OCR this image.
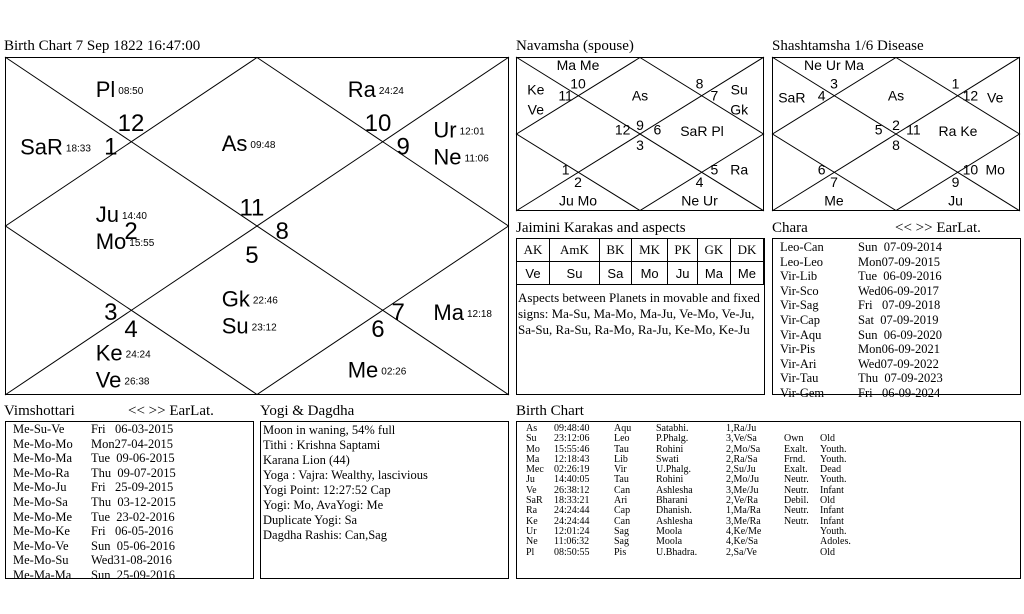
Birth Chart 7 Sep 1822 16:47:00
11
As 09:48
12
Pl 08:50
1
SaR 18:33
2
Ju 14:40
Mo 15:55
3
Ke 24:24
Ve 26:38
4
5
Gk 22:46
Su 23:12	6
Me 02:26
7 Ma 12:18
8
9
Ur 12:01
Ne 11:06
10
Ra 24:24
Navamsha (spouse)
9
As
10
Ma Me
11
Ke
Ve
12
1
2
Ju Mo
3
4
Ne Ur
5 Ra
6 SaR Pl
7 Su
Gk
8
Shashtamsha 1/6 Disease
2
As
3
Ne Ur Ma
4
SaR
5
6
7
Me
8
9
Ju
10 Mo
11 Ra Ke
12 Ve
1
Jaimini Karakas and aspects
AK	AmK	BK	MK	PK	GK	DK
Ve	Su	Sa	Mo	Ju	Ma	Me
Aspects between Planets in movable and fixed signs: Ma-Su, Ma-Mo, Ma-Ju, Ve-Mo, Ve-Ju, Sa-Su, Ra-Su, Ra-Mo, Ra-Ju, Ke-Mo, Ke-Ju
Chara	<< >> EarLat.
Leo-Can	Sun  07-09-2014
Leo-Leo	Mon07-09-2015
Vir-Lib	Tue  06-09-2016
Vir-Sco	Wed06-09-2017
Vir-Sag	Fri   07-09-2018
Vir-Cap	Sat  07-09-2019
Vir-Aqu	Sun  06-09-2020
Vir-Pis	Mon06-09-2021
Vir-Ari	Wed07-09-2022
Vir-Tau	Thu  07-09-2023
Vir-Gem	Fri   06-09-2024
Vimshottari	<< >> EarLat.
Me-Su-Ve Fri   06-03-2015
Me-Mo-Mo Mon27-04-2015
Me-Mo-Ma Tue  09-06-2015
Me-Mo-Ra Thu  09-07-2015
Me-Mo-Ju Fri   25-09-2015
Me-Mo-Sa Thu  03-12-2015
Me-Mo-Me Tue  23-02-2016
Me-Mo-Ke Fri   06-05-2016
Me-Mo-Ve Sun  05-06-2016
Me-Mo-Su Wed31-08-2016
Me-Ma-Ma Sun  25-09-2016
Yogi & Dagdha
Moon in waning, 54% full
Tithi : Krishna Saptami
Karana Lion (44)
Yoga : Vajra: Wealthy, lascivious
Yogi Point: 12:27:52 Cap
Yogi: Mo, AvaYogi: Me
Duplicate Yogi: Sa
Dagdha Rashis: Can,Sag
Birth Chart
As 09:48:40 Aqu Satabhi.	1,Ra/Ju
Su 23:12:06 Leo	P.Phalg.	3,Ve/Sa	Own Old
Mo 15:55:46 Tau	Rohini	2,Mo/Sa Exalt. Youth.
Ma 12:18:43 Lib	Swati	2,Ra/Sa	Frnd. Youth.
Mec 02:26:19 Vir	U.Phalg.	2,Su/Ju	Exalt. Dead
Ju 14:40:05 Tau	Rohini	2,Mo/Ju Neutr. Youth.
Ve 26:38:12 Can	Ashlesha	3,Me/Ju	Neutr. Infant
SaR 18:33:21 Ari	Bharani	2,Ve/Ra	Debil. Old
Ra 24:24:44 Cap	Dhanish.	1,Ma/Ra Neutr. Infant
Ke 24:24:44 Can	Ashlesha	3,Me/Ra Neutr. Infant
Ur 12:01:24 Sag	Moola	4,Ke/Me	Youth.
Ne 11:06:32 Sag	Moola	4,Ke/Sa	Adoles.
Pl 08:50:55 Pis	U.Bhadra.	2,Sa/Ve	Old
